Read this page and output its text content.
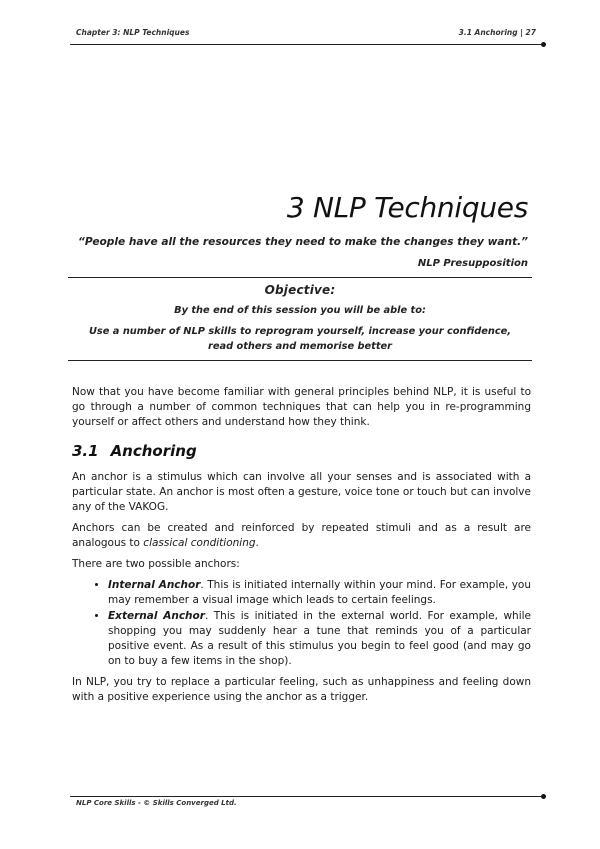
Chapter 3: NLP Techniques	3.1 Anchoring | 27
3 NLP Techniques
“People have all the resources they need to make the changes they want.”
NLP Presupposition
Objective:
By the end of this session you will be able to:
Use a number of NLP skills to reprogram yourself, increase your confidence,
read others and memorise better

Now that you have become familiar with general principles behind NLP, it is useful to go through a number of common techniques that can help you in re-programming yourself or affect others and understand how they think.

3.1 Anchoring

An anchor is a stimulus which can involve all your senses and is associated with a particular state. An anchor is most often a gesture, voice tone or touch but can involve any of the VAKOG.

Anchors can be created and reinforced by repeated stimuli and as a result are analogous to classical conditioning.

There are two possible anchors:

• Internal Anchor. This is initiated internally within your mind. For example, you may remember a visual image which leads to certain feelings.
• External Anchor. This is initiated in the external world. For example, while shopping you may suddenly hear a tune that reminds you of a particular positive event. As a result of this stimulus you begin to feel good (and may go on to buy a few items in the shop).

In NLP, you try to replace a particular feeling, such as unhappiness and feeling down with a positive experience using the anchor as a trigger.

NLP Core Skills - © Skills Converged Ltd.
